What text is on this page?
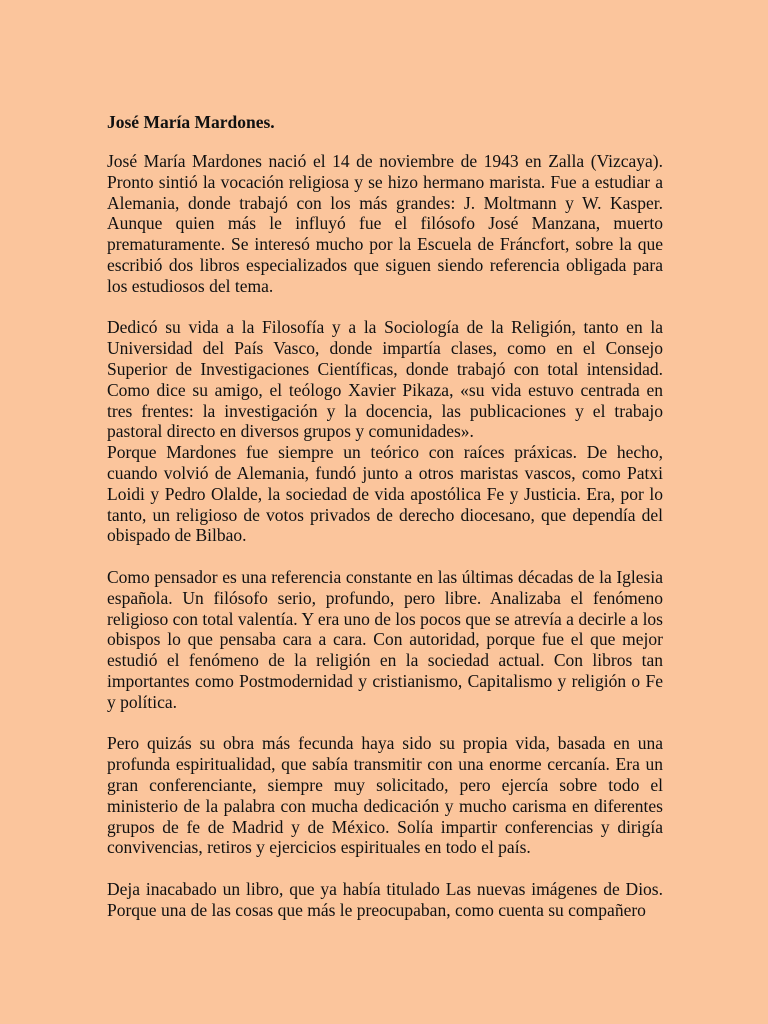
José María Mardones.

José María Mardones nació el 14 de noviembre de 1943 en Zalla (Vizcaya). Pronto sintió la vocación religiosa y se hizo hermano marista. Fue a estudiar a Alemania, donde trabajó con los más grandes: J. Moltmann y W. Kasper. Aunque quien más le influyó fue el filósofo José Manzana, muerto prematuramente. Se interesó mucho por la Escuela de Fráncfort, sobre la que escribió dos libros especializados que siguen siendo referencia obligada para los estudiosos del tema.

Dedicó su vida a la Filosofía y a la Sociología de la Religión, tanto en la Universidad del País Vasco, donde impartía clases, como en el Consejo Superior de Investigaciones Científicas, donde trabajó con total intensidad. Como dice su amigo, el teólogo Xavier Pikaza, «su vida estuvo centrada en tres frentes: la investigación y la docencia, las publicaciones y el trabajo pastoral directo en diversos grupos y comunidades».

Porque Mardones fue siempre un teórico con raíces práxicas. De hecho, cuando volvió de Alemania, fundó junto a otros maristas vascos, como Patxi Loidi y Pedro Olalde, la sociedad de vida apostólica Fe y Justicia. Era, por lo tanto, un religioso de votos privados de derecho diocesano, que dependía del obispado de Bilbao.

Como pensador es una referencia constante en las últimas décadas de la Iglesia española. Un filósofo serio, profundo, pero libre. Analizaba el fenómeno religioso con total valentía. Y era uno de los pocos que se atrevía a decirle a los obispos lo que pensaba cara a cara. Con autoridad, porque fue el que mejor estudió el fenómeno de la religión en la sociedad actual. Con libros tan importantes como Postmodernidad y cristianismo, Capitalismo y religión o Fe y política.

Pero quizás su obra más fecunda haya sido su propia vida, basada en una profunda espiritualidad, que sabía transmitir con una enorme cercanía. Era un gran conferenciante, siempre muy solicitado, pero ejercía sobre todo el ministerio de la palabra con mucha dedicación y mucho carisma en diferentes grupos de fe de Madrid y de México. Solía impartir conferencias y dirigía convivencias, retiros y ejercicios espirituales en todo el país.

Deja inacabado un libro, que ya había titulado Las nuevas imágenes de Dios. Porque una de las cosas que más le preocupaban, como cuenta su compañero
